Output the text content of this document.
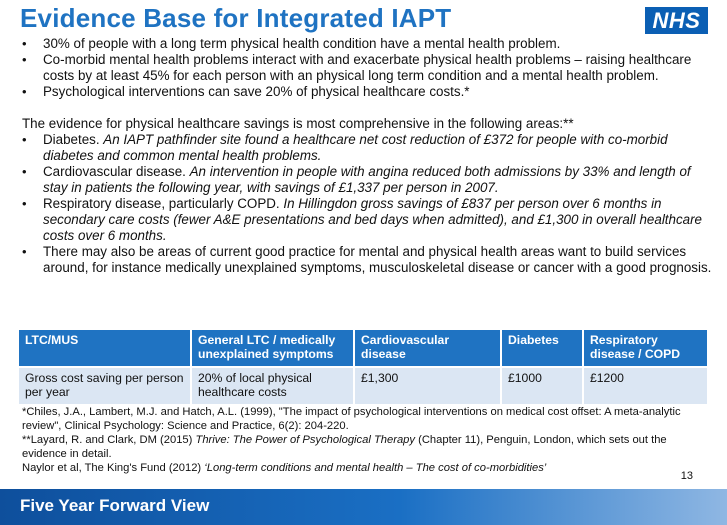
Evidence Base for Integrated IAPT	NHS
• 30% of people with a long term physical health condition have a mental health problem.
• Co-morbid mental health problems interact with and exacerbate physical health problems – raising healthcare costs by at least 45% for each person with an physical long term condition and a mental health problem.
• Psychological interventions can save 20% of physical healthcare costs.*

The evidence for physical healthcare savings is most comprehensive in the following areas:**

• Diabetes. An IAPT pathfinder site found a healthcare net cost reduction of £372 for people with co-morbid diabetes and common mental health problems.
• Cardiovascular disease. An intervention in people with angina reduced both admissions by 33% and length of stay in patients the following year, with savings of £1,337 per person in 2007.
• Respiratory disease, particularly COPD. In Hillingdon gross savings of £837 per person over 6 months in secondary care costs (fewer A&E presentations and bed days when admitted), and £1,300 in overall healthcare costs over 6 months.
• There may also be areas of current good practice for mental and physical health areas want to build services around, for instance medically unexplained symptoms, musculoskeletal disease or cancer with a good prognosis.
LTC/MUS	General LTC / medically unexplained symptoms	Cardiovascular disease	Diabetes	Respiratory disease / COPD
Gross cost saving per person per year	20% of local physical healthcare costs	£1,300	£1000	£1200

*Chiles, J.A., Lambert, M.J. and Hatch, A.L. (1999), "The impact of psychological interventions on medical cost offset: A meta-analytic review", Clinical Psychology: Science and Practice, 6(2): 204-220.

**Layard, R. and Clark, DM (2015) Thrive: The Power of Psychological Therapy (Chapter 11), Penguin, London, which sets out the evidence in detail.

Naylor et al, The King's Fund (2012) ‘Long-term conditions and mental health – The cost of co-morbidities’

13
Five Year Forward View
